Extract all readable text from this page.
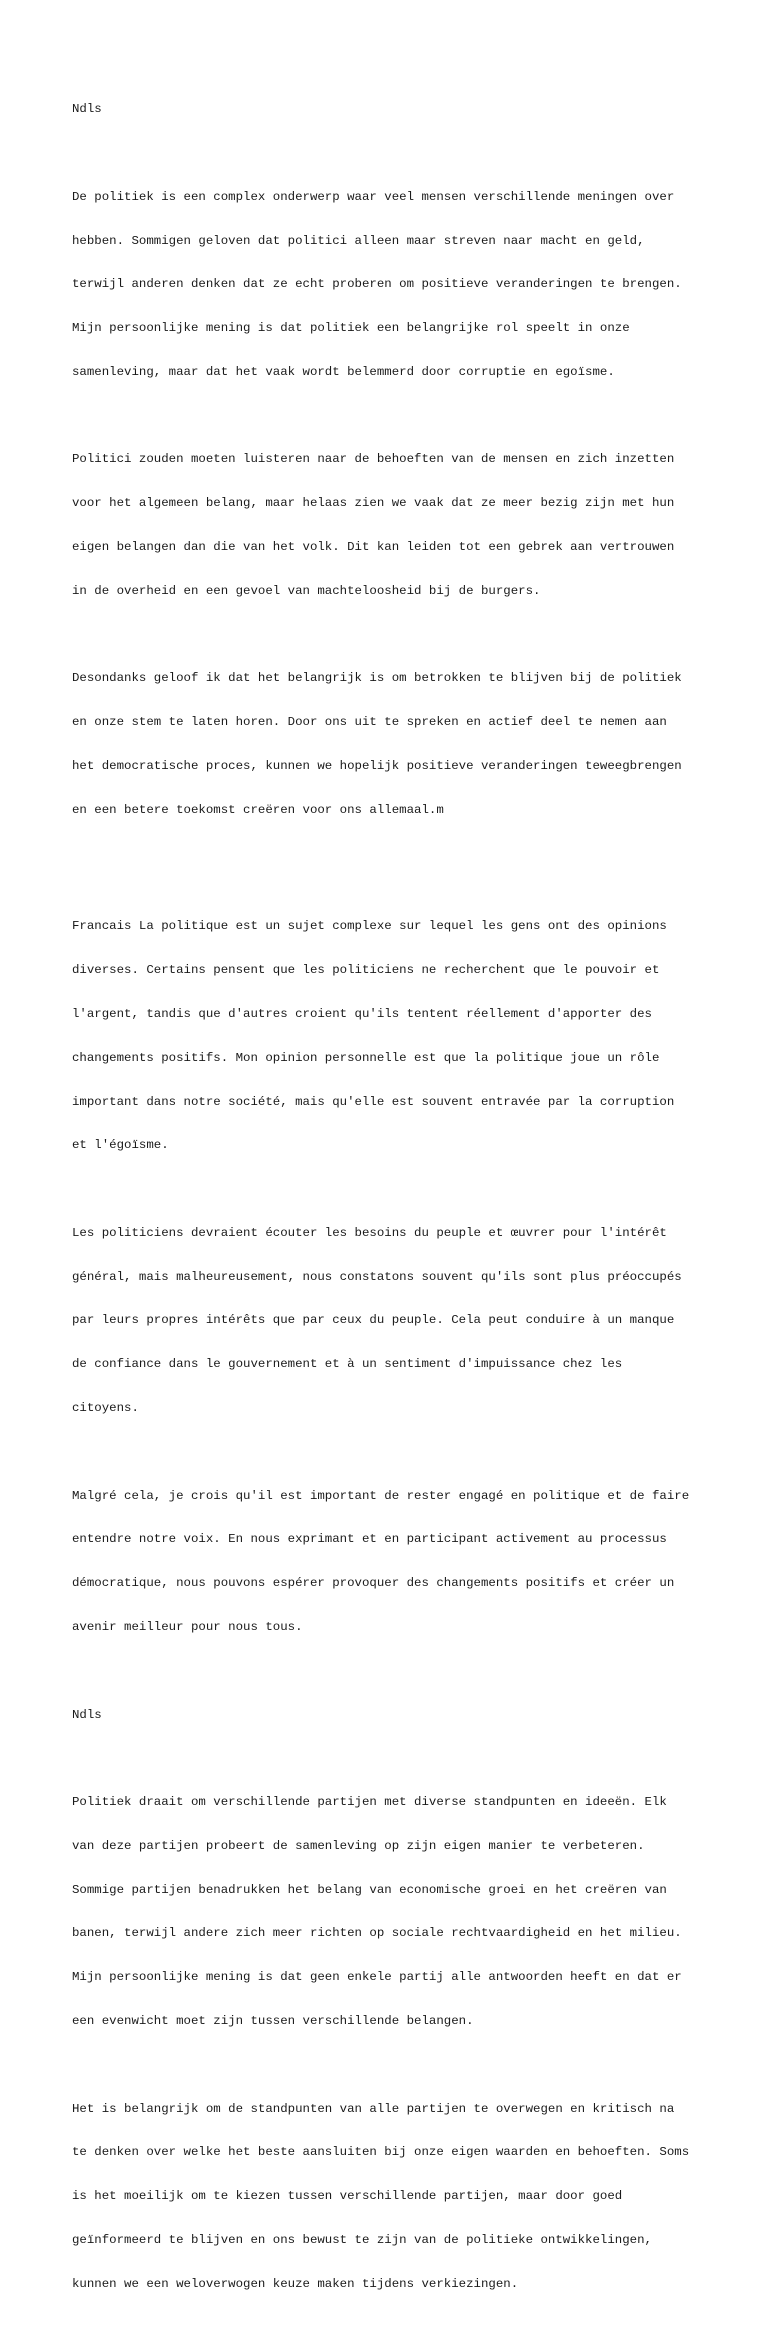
Ndls

De politiek is een complex onderwerp waar veel mensen verschillende meningen over

hebben. Sommigen geloven dat politici alleen maar streven naar macht en geld,

terwijl anderen denken dat ze echt proberen om positieve veranderingen te brengen.

Mijn persoonlijke mening is dat politiek een belangrijke rol speelt in onze

samenleving, maar dat het vaak wordt belemmerd door corruptie en egoïsme.

Politici zouden moeten luisteren naar de behoeften van de mensen en zich inzetten

voor het algemeen belang, maar helaas zien we vaak dat ze meer bezig zijn met hun

eigen belangen dan die van het volk. Dit kan leiden tot een gebrek aan vertrouwen

in de overheid en een gevoel van machteloosheid bij de burgers.

Desondanks geloof ik dat het belangrijk is om betrokken te blijven bij de politiek

en onze stem te laten horen. Door ons uit te spreken en actief deel te nemen aan

het democratische proces, kunnen we hopelijk positieve veranderingen teweegbrengen

en een betere toekomst creëren voor ons allemaal.m

Francais La politique est un sujet complexe sur lequel les gens ont des opinions

diverses. Certains pensent que les politiciens ne recherchent que le pouvoir et

l'argent, tandis que d'autres croient qu'ils tentent réellement d'apporter des

changements positifs. Mon opinion personnelle est que la politique joue un rôle

important dans notre société, mais qu'elle est souvent entravée par la corruption

et l'égoïsme.

Les politiciens devraient écouter les besoins du peuple et œuvrer pour l'intérêt

général, mais malheureusement, nous constatons souvent qu'ils sont plus préoccupés

par leurs propres intérêts que par ceux du peuple. Cela peut conduire à un manque

de confiance dans le gouvernement et à un sentiment d'impuissance chez les

citoyens.

Malgré cela, je crois qu'il est important de rester engagé en politique et de faire

entendre notre voix. En nous exprimant et en participant activement au processus

démocratique, nous pouvons espérer provoquer des changements positifs et créer un

avenir meilleur pour nous tous.

Ndls

Politiek draait om verschillende partijen met diverse standpunten en ideeën. Elk

van deze partijen probeert de samenleving op zijn eigen manier te verbeteren.

Sommige partijen benadrukken het belang van economische groei en het creëren van

banen, terwijl andere zich meer richten op sociale rechtvaardigheid en het milieu.

Mijn persoonlijke mening is dat geen enkele partij alle antwoorden heeft en dat er

een evenwicht moet zijn tussen verschillende belangen.

Het is belangrijk om de standpunten van alle partijen te overwegen en kritisch na

te denken over welke het beste aansluiten bij onze eigen waarden en behoeften. Soms

is het moeilijk om te kiezen tussen verschillende partijen, maar door goed

geïnformeerd te blijven en ons bewust te zijn van de politieke ontwikkelingen,

kunnen we een weloverwogen keuze maken tijdens verkiezingen.
